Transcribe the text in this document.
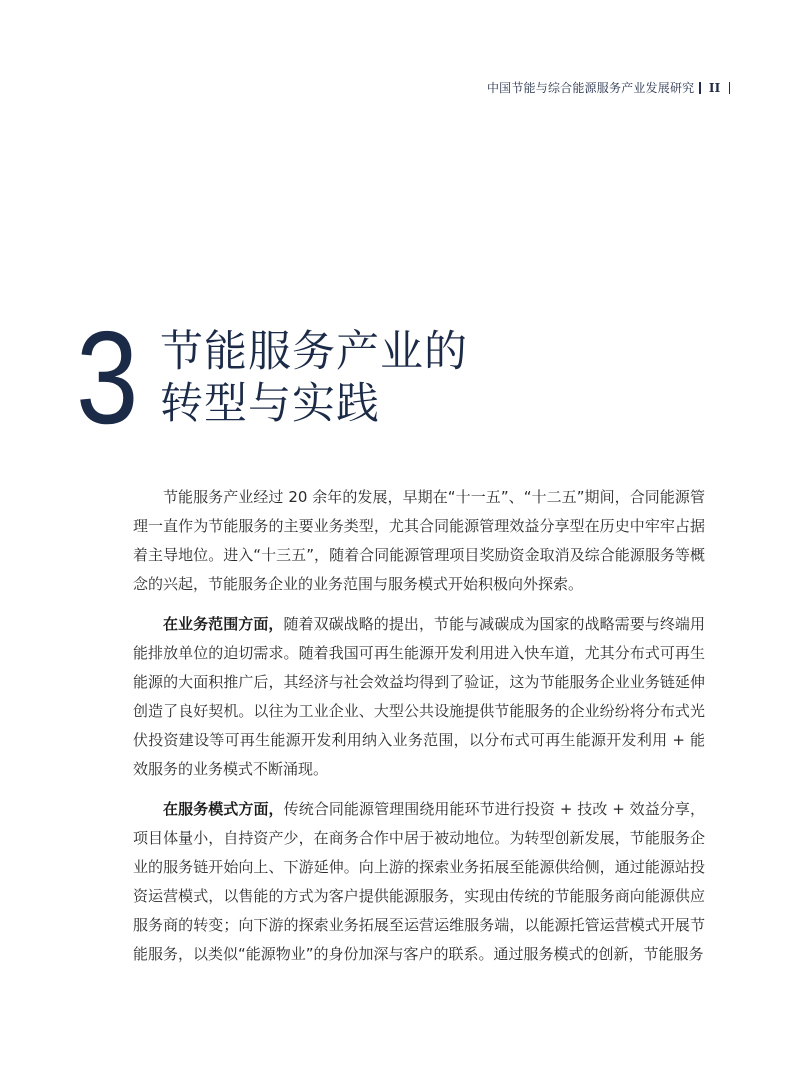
中国节能与综合能源服务产业发展研究 II
3 节能服务产业的
转型与实践

节能服务产业经过 20 余年的发展，早期在“十一五”、“十二五”期间，合同能源管理一直作为节能服务的主要业务类型，尤其合同能源管理效益分享型在历史中牢牢占据着主导地位。进入“十三五”，随着合同能源管理项目奖励资金取消及综合能源服务等概念的兴起，节能服务企业的业务范围与服务模式开始积极向外探索。

在业务范围方面，随着双碳战略的提出，节能与减碳成为国家的战略需要与终端用能排放单位的迫切需求。随着我国可再生能源开发利用进入快车道，尤其分布式可再生能源的大面积推广后，其经济与社会效益均得到了验证，这为节能服务企业业务链延伸创造了良好契机。以往为工业企业、大型公共设施提供节能服务的企业纷纷将分布式光伏投资建设等可再生能源开发利用纳入业务范围，以分布式可再生能源开发利用 + 能效服务的业务模式不断涌现。

在服务模式方面，传统合同能源管理围绕用能环节进行投资 + 技改 + 效益分享，项目体量小，自持资产少，在商务合作中居于被动地位。为转型创新发展，节能服务企业的服务链开始向上、下游延伸。向上游的探索业务拓展至能源供给侧，通过能源站投资运营模式，以售能的方式为客户提供能源服务，实现由传统的节能服务商向能源供应服务商的转变；向下游的探索业务拓展至运营运维服务端，以能源托管运营模式开展节能服务，以类似“能源物业”的身份加深与客户的联系。通过服务模式的创新，节能服务
